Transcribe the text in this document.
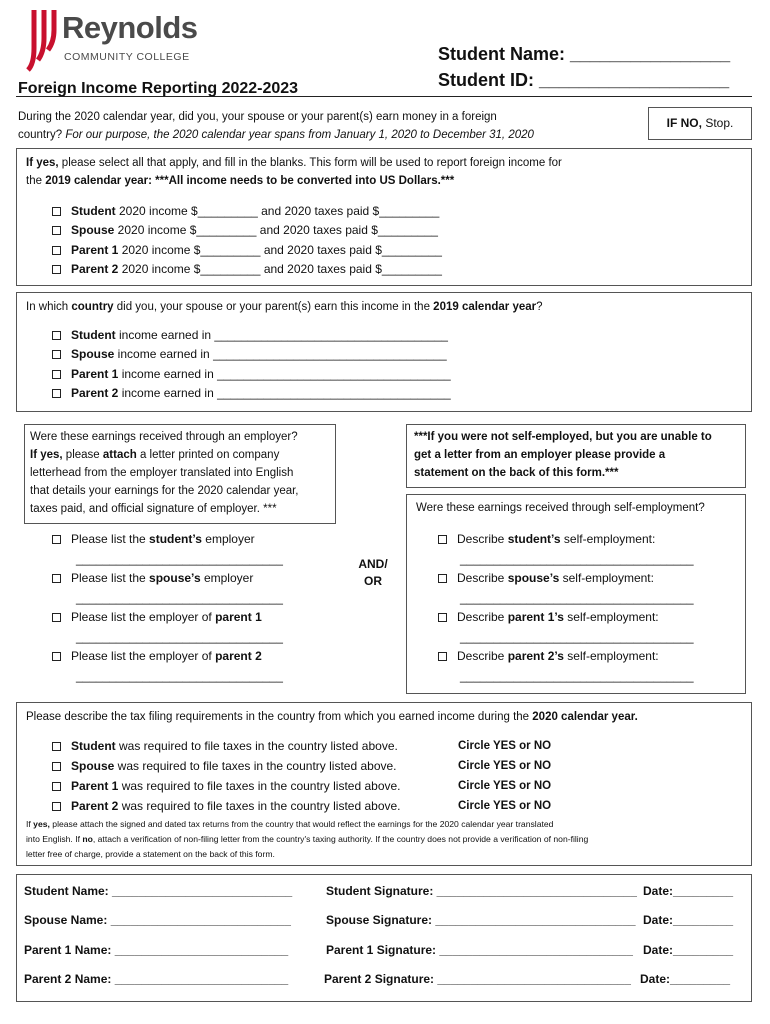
Reynolds
COMMUNITY COLLEGE	Student Name: ________________
Student ID: ___________________
Foreign Income Reporting 2022-2023
During the 2020 calendar year, did you, your spouse or your parent(s) earn money in a foreign
country? For our purpose, the 2020 calendar year spans from January 1, 2020 to December 31, 2020
IF NO, Stop.
If yes, please select all that apply, and fill in the blanks. This form will be used to report foreign income for
the 2019 calendar year: ***All income needs to be converted into US Dollars.***
Student 2020 income $_________ and 2020 taxes paid $_________
Spouse 2020 income $_________ and 2020 taxes paid $_________
Parent 1 2020 income $_________ and 2020 taxes paid $_________
Parent 2 2020 income $_________ and 2020 taxes paid $_________
In which country did you, your spouse or your parent(s) earn this income in the 2019 calendar year?
Student income earned in ___________________________________
Spouse income earned in ___________________________________
Parent 1 income earned in ___________________________________
Parent 2 income earned in ___________________________________
Were these earnings received through an employer?
If yes, please attach a letter printed on company
letterhead from the employer translated into English
that details your earnings for the 2020 calendar year,
taxes paid, and official signature of employer. ***
Please list the student’s employer
_______________________________
Please list the spouse’s employer
_______________________________
Please list the employer of parent 1
_______________________________
Please list the employer of parent 2
_______________________________
AND/
OR
***If you were not self-employed, but you are unable to
get a letter from an employer please provide a
statement on the back of this form.***
Were these earnings received through self-employment?
Describe student’s self-employment:
___________________________________
Describe spouse’s self-employment:
___________________________________
Describe parent 1’s self-employment:
___________________________________
Describe parent 2’s self-employment:
___________________________________
Please describe the tax filing requirements in the country from which you earned income during the 2020 calendar year.
Student was required to file taxes in the country listed above.	Circle YES or NO
Spouse was required to file taxes in the country listed above.	Circle YES or NO
Parent 1 was required to file taxes in the country listed above.	Circle YES or NO
Parent 2 was required to file taxes in the country listed above.	Circle YES or NO
If yes, please attach the signed and dated tax returns from the country that would reflect the earnings for the 2020 calendar year translated
into English. If no, attach a verification of non-filing letter from the country's taxing authority. If the country does not provide a verification of non-filing
letter free of charge, provide a statement on the back of this form.
Student Name: ___________________________	Student Signature: ______________________________ Date:_________
Spouse Name: ___________________________	Spouse Signature: ______________________________ Date:_________
Parent 1 Name: __________________________	Parent 1 Signature: _____________________________ Date:_________
Parent 2 Name: __________________________	Parent 2 Signature: _____________________________ Date:_________
